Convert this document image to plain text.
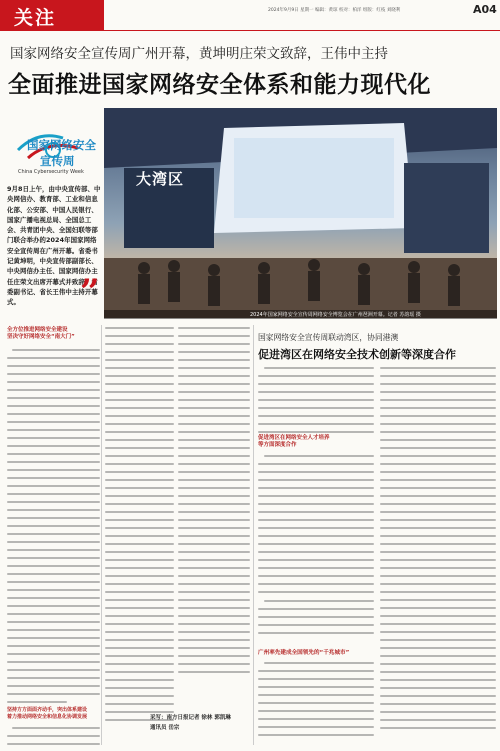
关注	2024年9月9日 星期一 编辑：黄琼 校对：柏洋 组版：红枝 刘晓利	A04
国家网络安全宣传周广州开幕，黄坤明庄荣文致辞，王伟中主持
全面推进国家网络安全体系和能力现代化
国家网络安全
宣传周
China Cybersecurity Week
9月8日上午，由中央宣传部、中央网信办、教育部、工业和信息化部、公安部、中国人民银行、国家广播电视总局、全国总工会、共青团中央、全国妇联等部门联合举办的2024年国家网络安全宣传周在广州开幕。省委书记黄坤明，中央宣传部副部长、中央网信办主任、国家网信办主任庄荣文出席开幕式并致辞。省委副书记、省长王伟中主持开幕式。	”
大湾区
2024年国家网络安全宣传周网络安全博览会在广州琶洲开幕。记者 苏韵瑶 摄
全方位推进网络安全建设
坚决守好网络安全“南大门”
坚持方方面面齐动手，突出体系建设
着力推动网络安全和信息化协调发展	采写：南方日报记者 徐林 郭凯琳
通讯员 岳宗
国家网络安全宣传周联动湾区，协同港澳
促进湾区在网络安全技术创新等深度合作
促进湾区在网络安全人才培养
等方面深度合作
广州率先建成全国领先的“千兆城市”
